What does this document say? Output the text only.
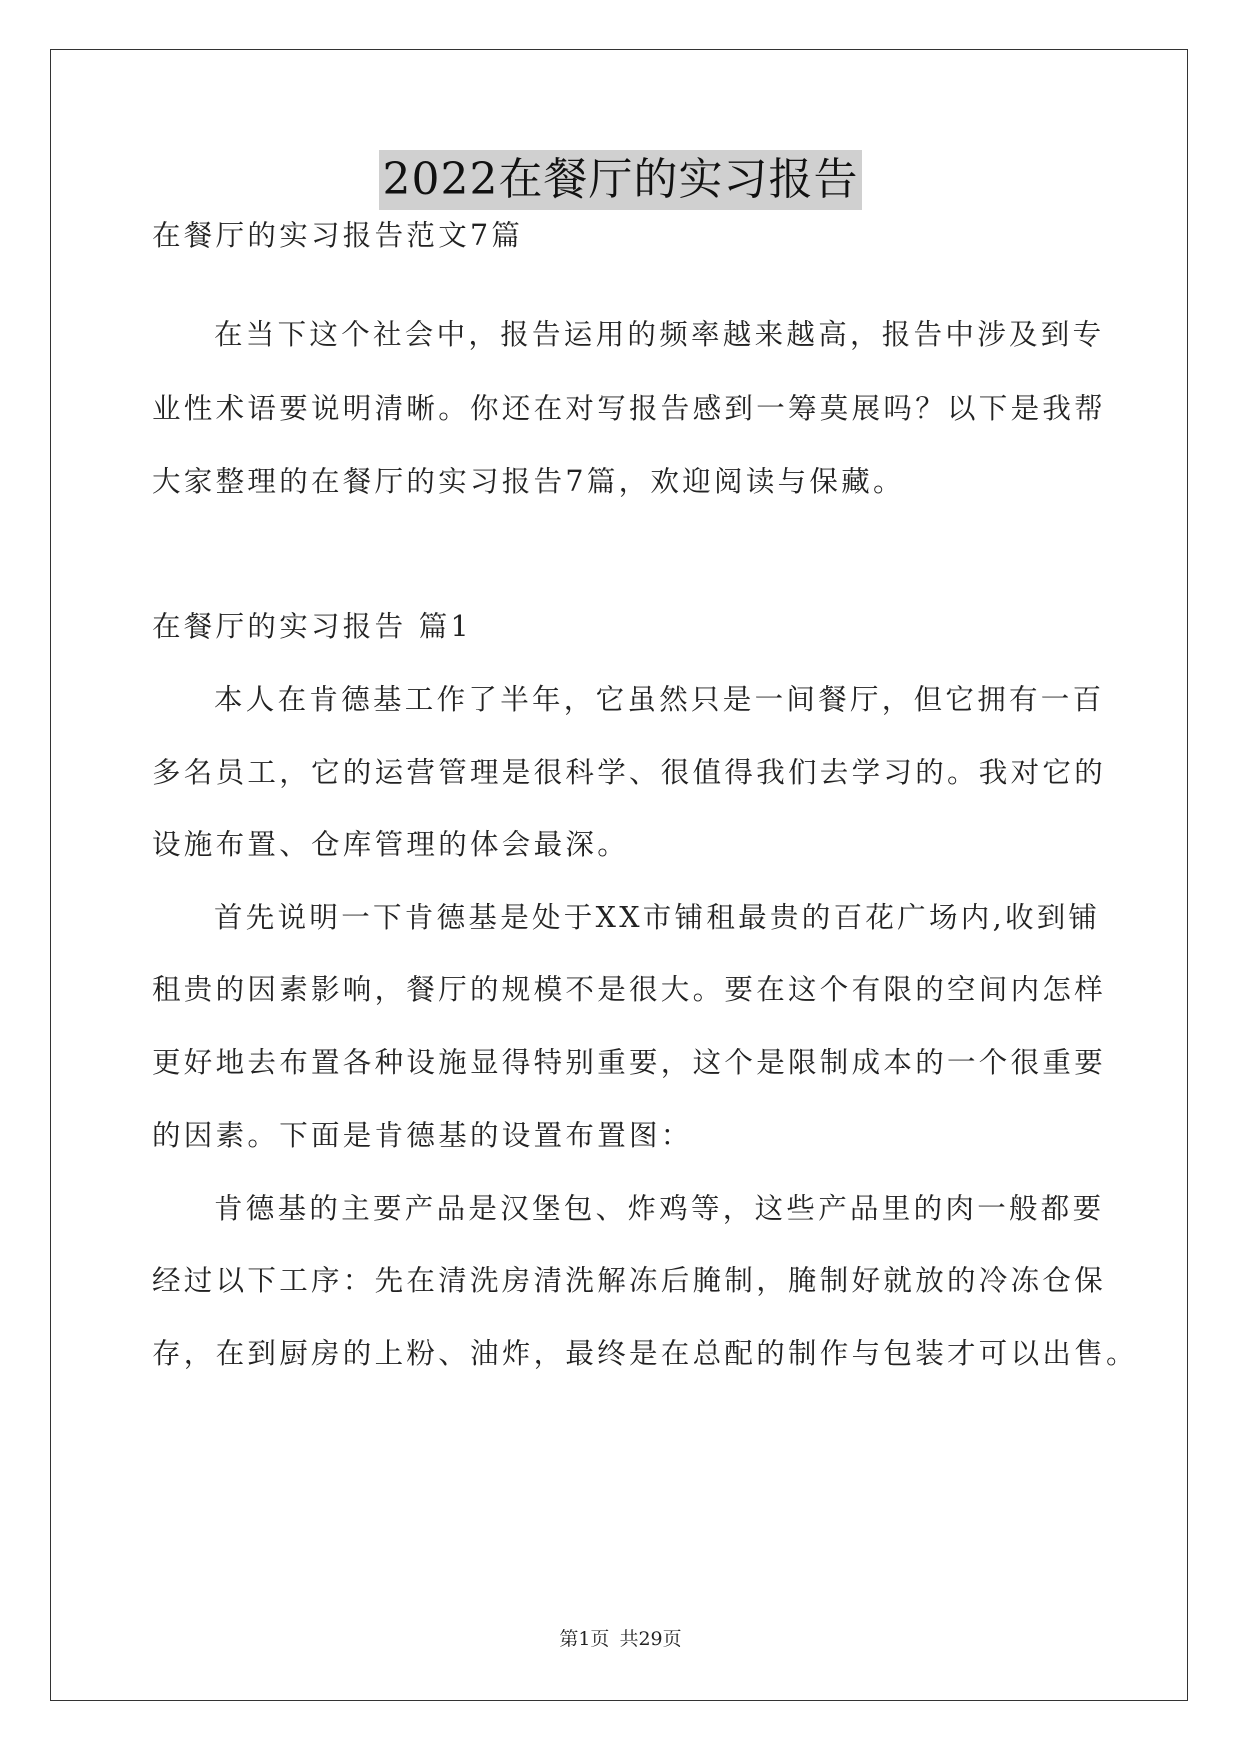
2022在餐厅的实习报告
在餐厅的实习报告范文7篇
在当下这个社会中，报告运用的频率越来越高，报告中涉及到专
业性术语要说明清晰。你还在对写报告感到一筹莫展吗？以下是我帮
大家整理的在餐厅的实习报告7篇，欢迎阅读与保藏。
在餐厅的实习报告 篇1
本人在肯德基工作了半年，它虽然只是一间餐厅，但它拥有一百
多名员工，它的运营管理是很科学、很值得我们去学习的。我对它的
设施布置、仓库管理的体会最深。
首先说明一下肯德基是处于XX市铺租最贵的百花广场内,收到铺
租贵的因素影响，餐厅的规模不是很大。要在这个有限的空间内怎样
更好地去布置各种设施显得特别重要，这个是限制成本的一个很重要
的因素。下面是肯德基的设置布置图：
肯德基的主要产品是汉堡包、炸鸡等，这些产品里的肉一般都要
经过以下工序：先在清洗房清洗解冻后腌制，腌制好就放的冷冻仓保
存，在到厨房的上粉、油炸，最终是在总配的制作与包装才可以出售。
第1页 共29页
